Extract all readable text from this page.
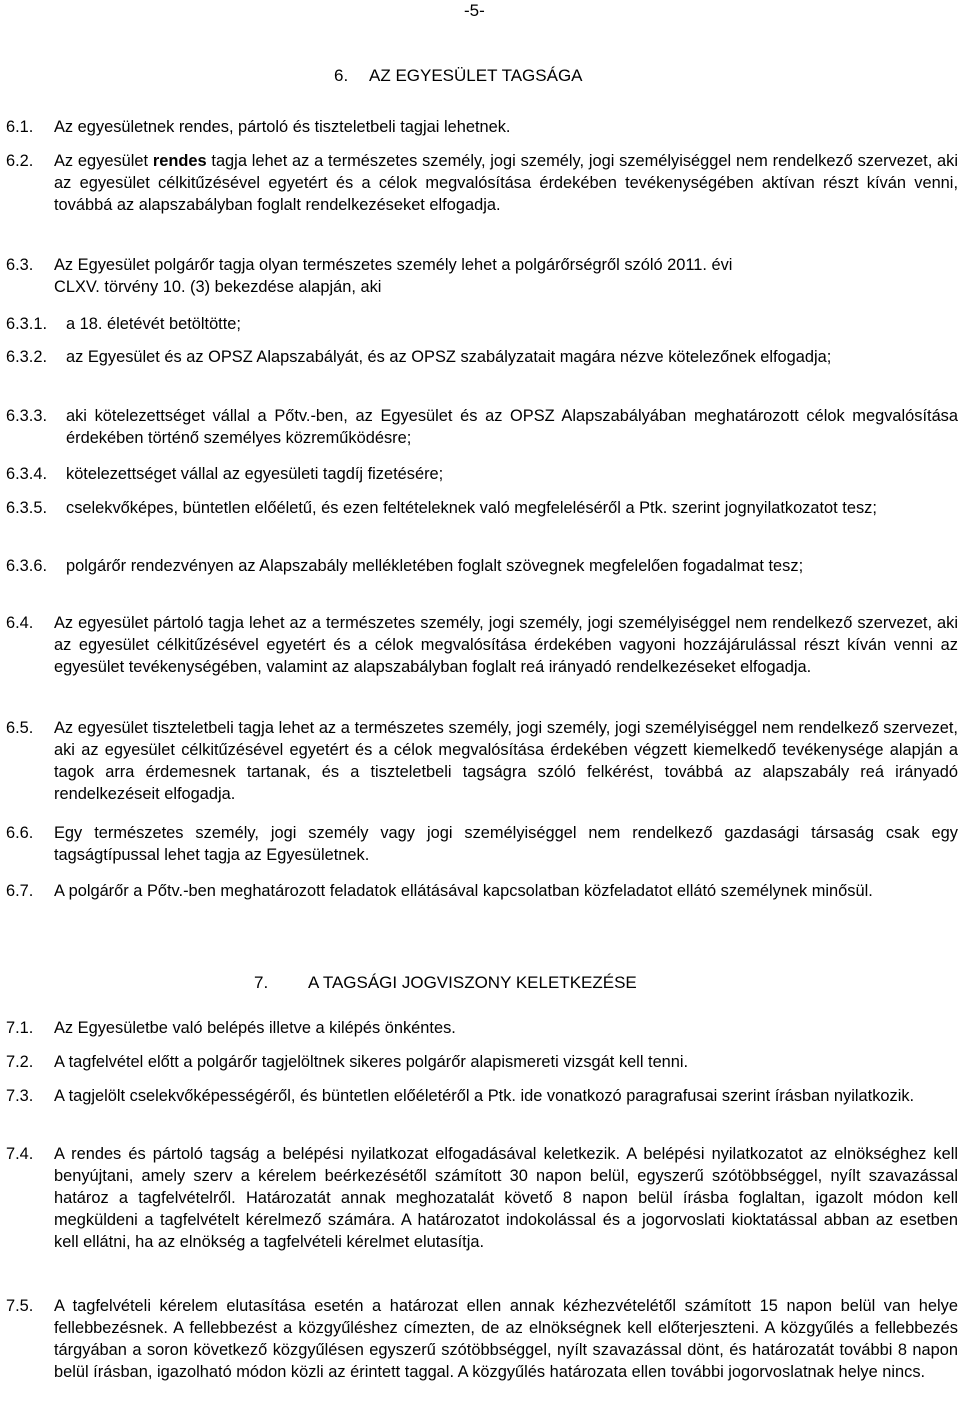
-5-
6. AZ EGYESÜLET TAGSÁGA
6.1. Az egyesületnek rendes, pártoló és tiszteletbeli tagjai lehetnek.
6.2. Az egyesület rendes tagja lehet az a természetes személy, jogi személy, jogi személyiséggel nem rendelkező szervezet, aki az egyesület célkitűzésével egyetért és a célok megvalósítása érdekében tevékenységében aktívan részt kíván venni, továbbá az alapszabályban foglalt rendelkezéseket elfogadja.
6.3. Az Egyesület polgárőr tagja olyan természetes személy lehet a polgárőrségről szóló 2011. évi
CLXV. törvény 10. (3) bekezdése alapján, aki
6.3.1. a 18. életévét betöltötte;
6.3.2. az Egyesület és az OPSZ Alapszabályát, és az OPSZ szabályzatait magára nézve kötelezőnek elfogadja;
6.3.3. aki kötelezettséget vállal a Pőtv.-ben, az Egyesület és az OPSZ Alapszabályában meghatározott célok megvalósítása érdekében történő személyes közreműködésre;
6.3.4. kötelezettséget vállal az egyesületi tagdíj fizetésére;
6.3.5. cselekvőképes, büntetlen előéletű, és ezen feltételeknek való megfeleléséről a Ptk. szerint jognyilatkozatot tesz;
6.3.6. polgárőr rendezvényen az Alapszabály mellékletében foglalt szövegnek megfelelően fogadalmat tesz;
6.4. Az egyesület pártoló tagja lehet az a természetes személy, jogi személy, jogi személyiséggel nem rendelkező szervezet, aki az egyesület célkitűzésével egyetért és a célok megvalósítása érdekében vagyoni hozzájárulással részt kíván venni az egyesület tevékenységében, valamint az alapszabályban foglalt reá irányadó rendelkezéseket elfogadja.
6.5. Az egyesület tiszteletbeli tagja lehet az a természetes személy, jogi személy, jogi személyiséggel nem rendelkező szervezet, aki az egyesület célkitűzésével egyetért és a célok megvalósítása érdekében végzett kiemelkedő tevékenysége alapján a tagok arra érdemesnek tartanak, és a tiszteletbeli tagságra szóló felkérést, továbbá az alapszabály reá irányadó rendelkezéseit elfogadja.
6.6. Egy természetes személy, jogi személy vagy jogi személyiséggel nem rendelkező gazdasági társaság csak egy tagságtípussal lehet tagja az Egyesületnek.
6.7. A polgárőr a Pőtv.-ben meghatározott feladatok ellátásával kapcsolatban közfeladatot ellátó személynek minősül.
7. A TAGSÁGI JOGVISZONY KELETKEZÉSE
7.1. Az Egyesületbe való belépés illetve a kilépés önkéntes.
7.2. A tagfelvétel előtt a polgárőr tagjelöltnek sikeres polgárőr alapismereti vizsgát kell tenni.
7.3. A tagjelölt cselekvőképességéről, és büntetlen előéletéről a Ptk. ide vonatkozó paragrafusai szerint írásban nyilatkozik.
7.4. A rendes és pártoló tagság a belépési nyilatkozat elfogadásával keletkezik. A belépési nyilatkozatot az elnökséghez kell benyújtani, amely szerv a kérelem beérkezésétől számított 30 napon belül, egyszerű szótöbbséggel, nyílt szavazással határoz a tagfelvételről. Határozatát annak meghozatalát követő 8 napon belül írásba foglaltan, igazolt módon kell megküldeni a tagfelvételt kérelmező számára. A határozatot indokolással és a jogorvoslati kioktatással abban az esetben kell ellátni, ha az elnökség a tagfelvételi kérelmet elutasítja.
7.5. A tagfelvételi kérelem elutasítása esetén a határozat ellen annak kézhezvételétől számított 15 napon belül van helye fellebbezésnek. A fellebbezést a közgyűléshez címezten, de az elnökségnek kell előterjeszteni. A közgyűlés a fellebbezés tárgyában a soron következő közgyűlésen egyszerű szótöbbséggel, nyílt szavazással dönt, és határozatát további 8 napon belül írásban, igazolható módon közli az érintett taggal. A közgyűlés határozata ellen további jogorvoslatnak helye nincs.
